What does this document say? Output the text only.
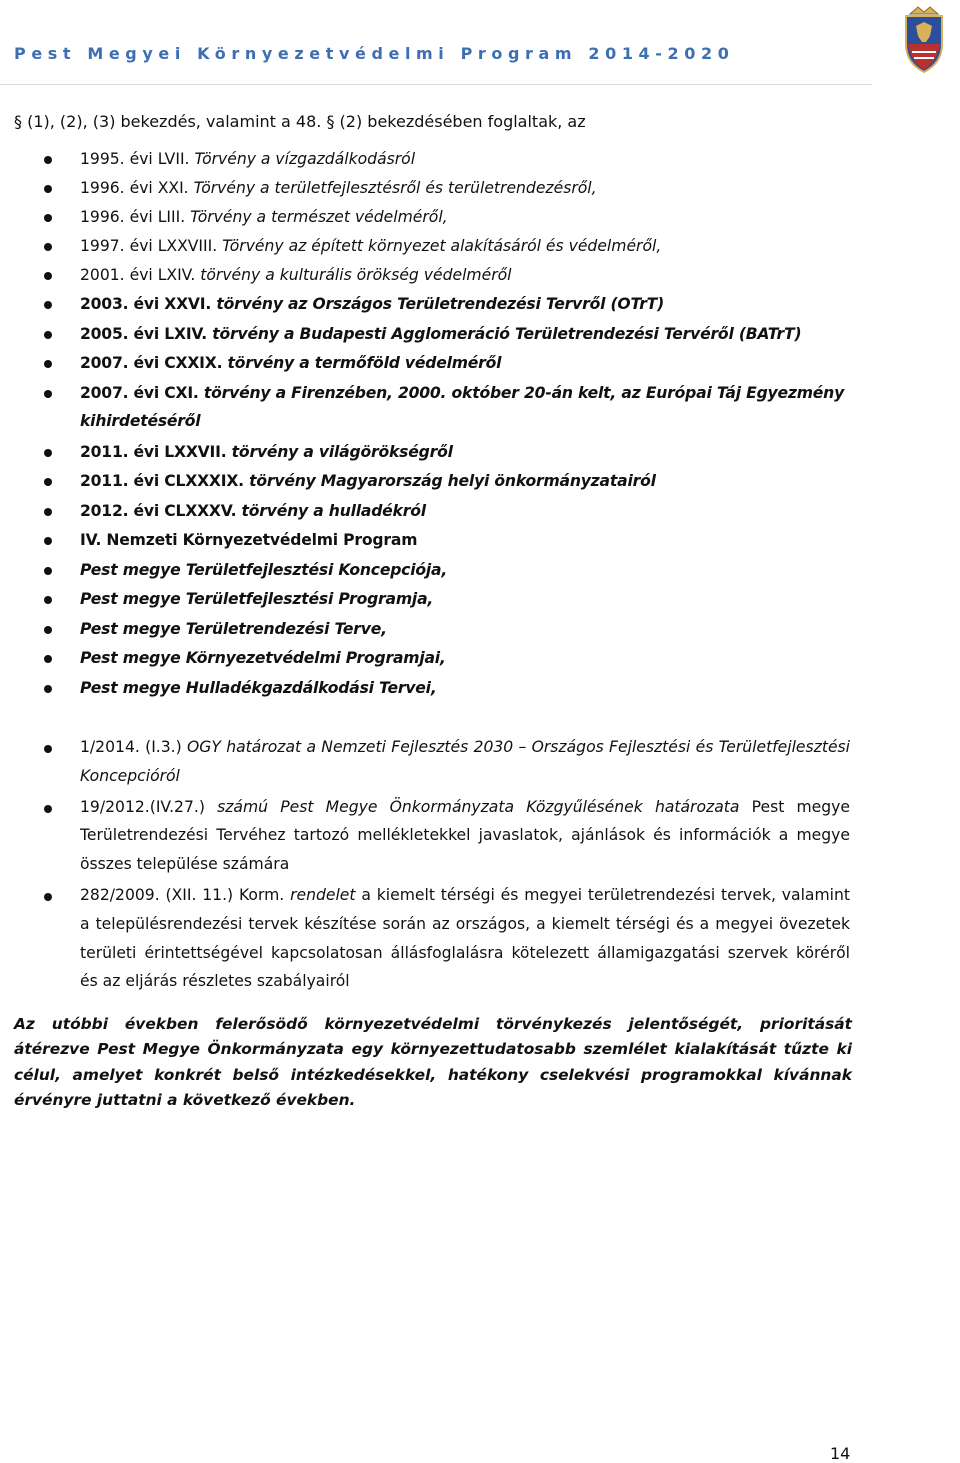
Pest Megyei Környezetvédelmi Program 2014-2020
§ (1), (2), (3) bekezdés, valamint a 48. § (2) bekezdésében foglaltak, az
1995. évi LVII. Törvény a vízgazdálkodásról
1996. évi XXI. Törvény a területfejlesztésről és területrendezésről,
1996. évi LIII. Törvény a természet védelméről,
1997. évi LXXVIII. Törvény az épített környezet alakításáról és védelméről,
2001. évi LXIV. törvény a kulturális örökség védelméről
2003. évi XXVI. törvény az Országos Területrendezési Tervről (OTrT)
2005. évi LXIV. törvény a Budapesti Agglomeráció Területrendezési Tervéről (BATrT)
2007. évi CXXIX. törvény a termőföld védelméről
2007. évi CXI. törvény a Firenzében, 2000. október 20-án kelt, az Európai Táj Egyezmény kihirdetéséről
2011. évi LXXVII. törvény a világörökségről
2011. évi CLXXXIX. törvény Magyarország helyi önkormányzatairól
2012. évi CLXXXV. törvény a hulladékról
IV. Nemzeti Környezetvédelmi Program
Pest megye Területfejlesztési Koncepciója,
Pest megye Területfejlesztési Programja,
Pest megye Területrendezési Terve,
Pest megye Környezetvédelmi Programjai,
Pest megye Hulladékgazdálkodási Tervei,
1/2014. (I.3.) OGY határozat a Nemzeti Fejlesztés 2030 – Országos Fejlesztési és Területfejlesztési Koncepcióról
19/2012.(IV.27.) számú Pest Megye Önkormányzata Közgyűlésének határozata Pest megye Területrendezési Tervéhez tartozó mellékletekkel javaslatok, ajánlások és információk a megye összes települése számára
282/2009. (XII. 11.) Korm. rendelet a kiemelt térségi és megyei területrendezési tervek, valamint a településrendezési tervek készítése során az országos, a kiemelt térségi és a megyei övezetek területi érintettségével kapcsolatosan állásfoglalásra kötelezett államigazgatási szervek köréről és az eljárás részletes szabályairól

Az utóbbi években felerősödő környezetvédelmi törvénykezés jelentőségét, prioritását átérezve Pest Megye Önkormányzata egy környezettudatosabb szemlélet kialakítását tűzte ki célul, amelyet konkrét belső intézkedésekkel, hatékony cselekvési programokkal kívánnak érvényre juttatni a következő években.

14
